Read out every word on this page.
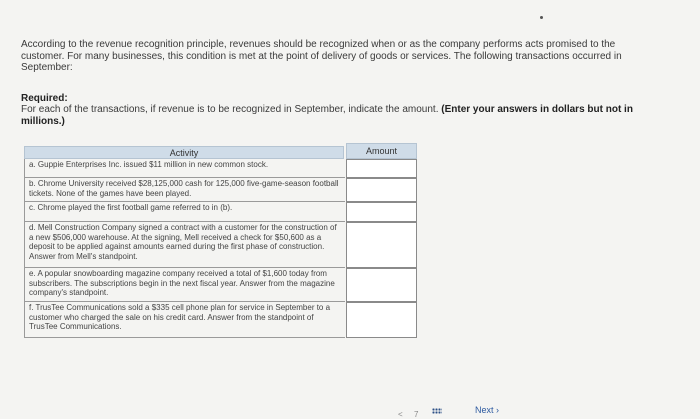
According to the revenue recognition principle, revenues should be recognized when or as the company performs acts promised to the customer. For many businesses, this condition is met at the point of delivery of goods or services. The following transactions occurred in September:
Required:
For each of the transactions, if revenue is to be recognized in September, indicate the amount. (Enter your answers in dollars but not in millions.)
Activity	Amount
a. Guppie Enterprises Inc. issued $11 million in new common stock.
b. Chrome University received $28,125,000 cash for 125,000 five-game-season football tickets. None of the games have been played.
c. Chrome played the first football game referred to in (b).
d. Mell Construction Company signed a contract with a customer for the construction of a new $506,000 warehouse. At the signing, Mell received a check for $50,600 as a deposit to be applied against amounts earned during the first phase of construction. Answer from Mell's standpoint.
e. A popular snowboarding magazine company received a total of $1,600 today from subscribers. The subscriptions begin in the next fiscal year. Answer from the magazine company's standpoint.
f. TrusTee Communications sold a $335 cell phone plan for service in September to a customer who charged the sale on his credit card. Answer from the standpoint of TrusTee Communications.
< 7	Next ›
